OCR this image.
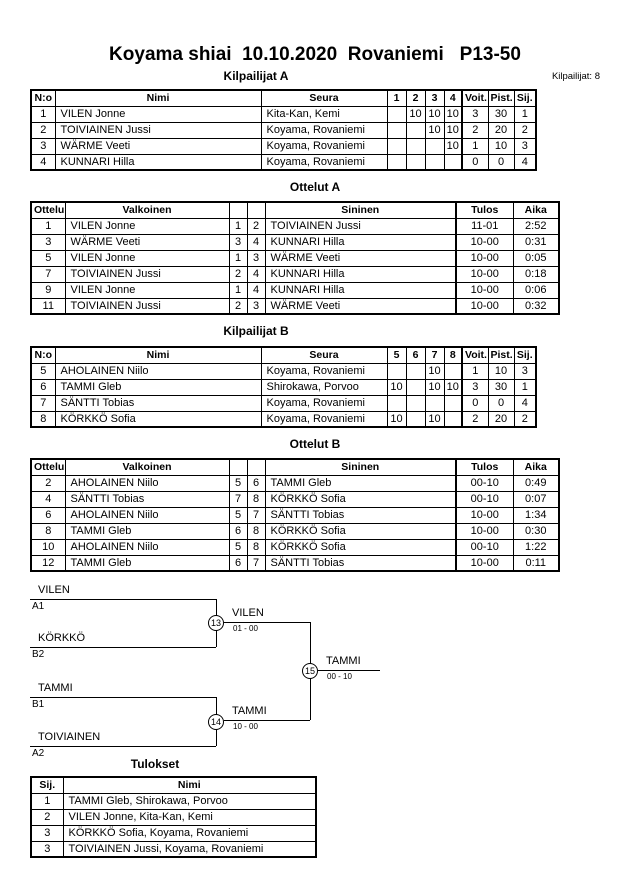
Koyama shiai  10.10.2020  Rovaniemi   P13-50
Kilpailijat A	Kilpailijat: 8
N:o	Nimi	Seura	1	2	3	4	Voit.	Pist.	Sij.
1	VILEN Jonne	Kita-Kan, Kemi		10	10	10	3	30	1
2	TOIVIAINEN Jussi	Koyama, Rovaniemi			10	10	2	20	2
3	WÄRME Veeti	Koyama, Rovaniemi				10	1	10	3
4	KUNNARI Hilla	Koyama, Rovaniemi					0	0	4
Ottelut A
Ottelu	Valkoinen			Sininen	Tulos	Aika
1	VILEN Jonne	1	2	TOIVIAINEN Jussi	11-01	2:52
3	WÄRME Veeti	3	4	KUNNARI Hilla	10-00	0:31
5	VILEN Jonne	1	3	WÄRME Veeti	10-00	0:05
7	TOIVIAINEN Jussi	2	4	KUNNARI Hilla	10-00	0:18
9	VILEN Jonne	1	4	KUNNARI Hilla	10-00	0:06
11	TOIVIAINEN Jussi	2	3	WÄRME Veeti	10-00	0:32
Kilpailijat B
N:o	Nimi	Seura	5	6	7	8	Voit.	Pist.	Sij.
5	AHOLAINEN Niilo	Koyama, Rovaniemi			10		1	10	3
6	TAMMI Gleb	Shirokawa, Porvoo	10		10	10	3	30	1
7	SÄNTTI Tobias	Koyama, Rovaniemi					0	0	4
8	KÖRKKÖ Sofia	Koyama, Rovaniemi	10		10		2	20	2
Ottelut B
Ottelu	Valkoinen			Sininen	Tulos	Aika
2	AHOLAINEN Niilo	5	6	TAMMI Gleb	00-10	0:49
4	SÄNTTI Tobias	7	8	KÖRKKÖ Sofia	00-10	0:07
6	AHOLAINEN Niilo	5	7	SÄNTTI Tobias	10-00	1:34
8	TAMMI Gleb	6	8	KÖRKKÖ Sofia	10-00	0:30
10	AHOLAINEN Niilo	5	8	KÖRKKÖ Sofia	00-10	1:22
12	TAMMI Gleb	6	7	SÄNTTI Tobias	10-00	0:11
VILEN
A1
KÖRKKÖ
B2
13
VILEN
01 - 00
15
TAMMI
00 - 10
TAMMI
B1
TOIVIAINEN
A2
14
TAMMI
10 - 00
Tulokset
Sij.	Nimi
1	TAMMI Gleb, Shirokawa, Porvoo
2	VILEN Jonne, Kita-Kan, Kemi
3	KÖRKKÖ Sofia, Koyama, Rovaniemi
3	TOIVIAINEN Jussi, Koyama, Rovaniemi
